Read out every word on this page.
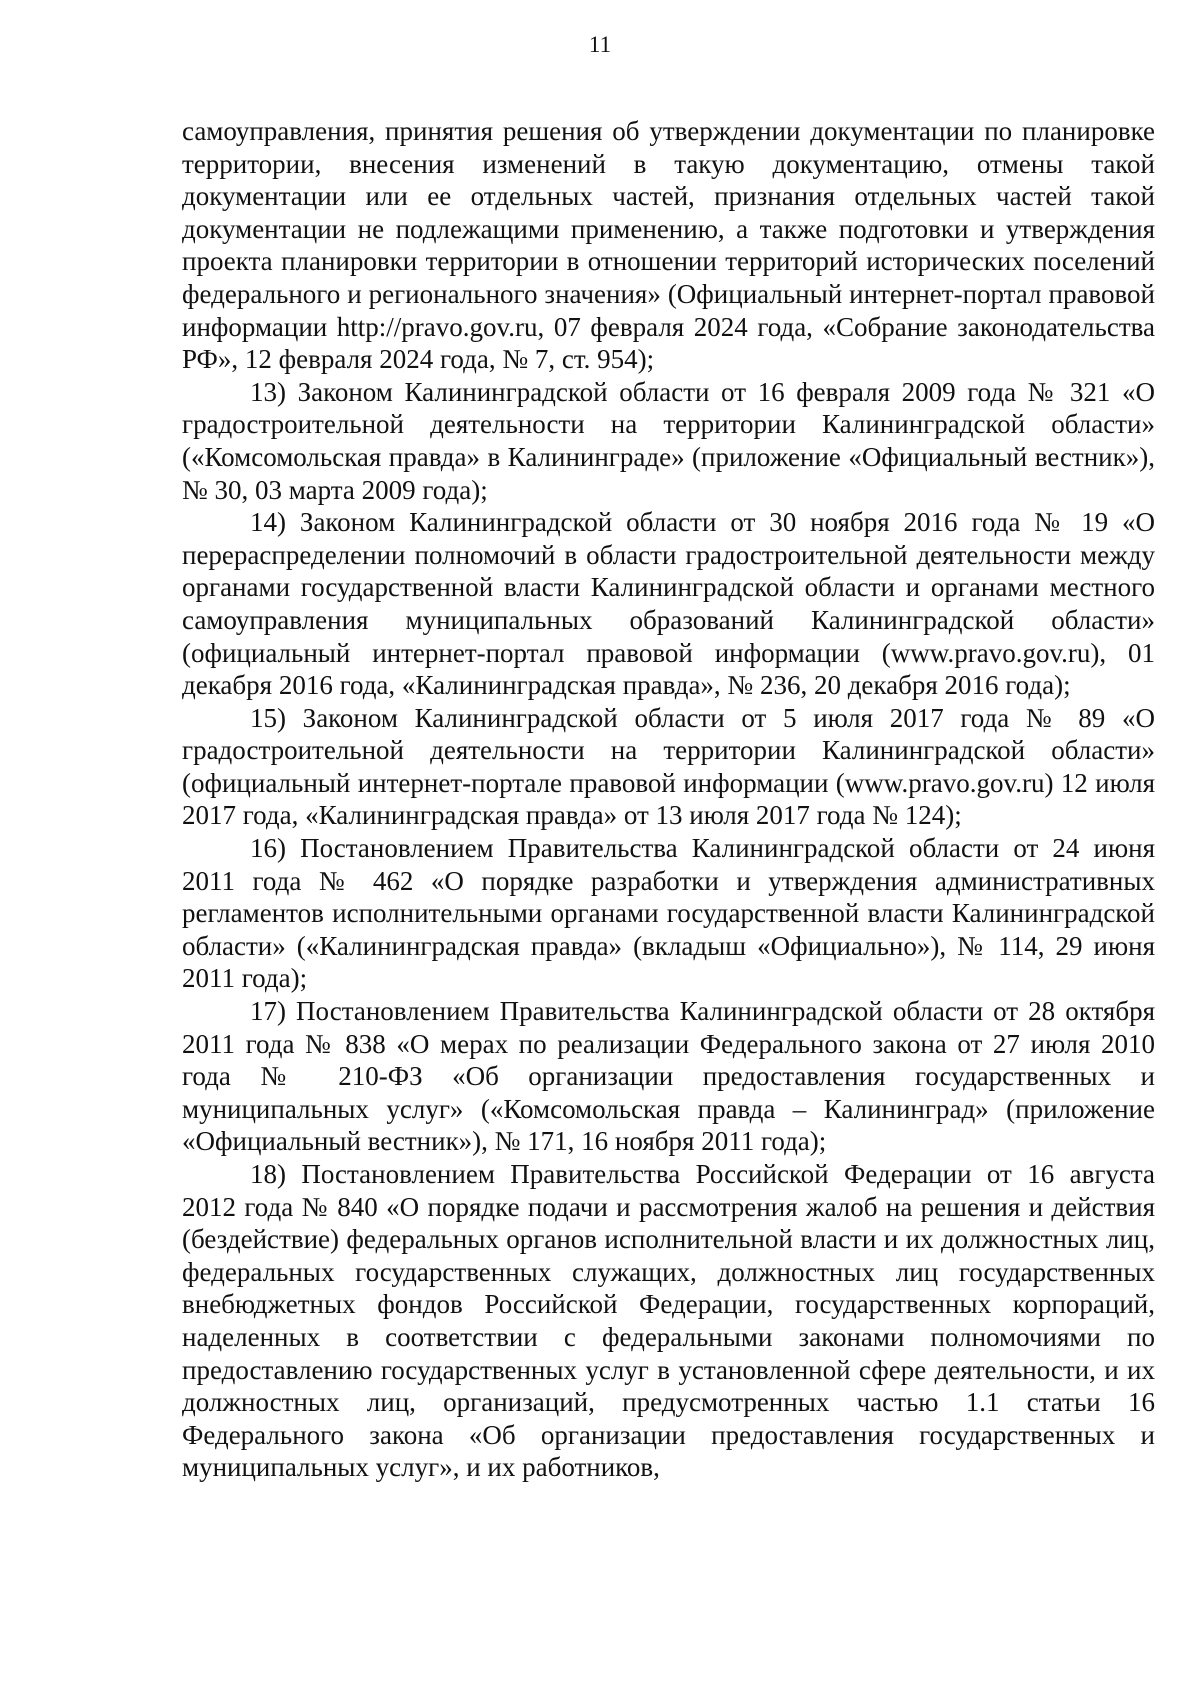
11

самоуправления, принятия решения об утверждении документации по планировке территории, внесения изменений в такую документацию, отмены такой документации или ее отдельных частей, признания отдельных частей такой документации не подлежащими применению, а также подготовки и утверждения проекта планировки территории в отношении территорий исторических поселений федерального и регионального значения» (Официальный интернет-портал правовой информации http://pravo.gov.ru, 07 февраля 2024 года, «Собрание законодательства РФ», 12 февраля 2024 года, № 7, ст. 954);

13) Законом Калининградской области от 16 февраля 2009 года № 321 «О градостроительной деятельности на территории Калининградской области» («Комсомольская правда» в Калининграде» (приложение «Официальный вестник»), № 30, 03 марта 2009 года);

14) Законом Калининградской области от 30 ноября 2016 года № 19 «О перераспределении полномочий в области градостроительной деятельности между органами государственной власти Калининградской области и органами местного самоуправления муниципальных образований Калининградской области» (официальный интернет-портал правовой информации (www.pravo.gov.ru), 01 декабря 2016 года, «Калининградская правда», № 236, 20 декабря 2016 года);

15) Законом Калининградской области от 5 июля 2017 года № 89 «О градостроительной деятельности на территории Калининградской области» (официальный интернет-портале правовой информации (www.pravo.gov.ru) 12 июля 2017 года, «Калининградская правда» от 13 июля 2017 года № 124);

16) Постановлением Правительства Калининградской области от 24 июня 2011 года № 462 «О порядке разработки и утверждения административных регламентов исполнительными органами государственной власти Калининградской области» («Калининградская правда» (вкладыш «Официально»), № 114, 29 июня 2011 года);

17) Постановлением Правительства Калининградской области от 28 октября 2011 года № 838 «О мерах по реализации Федерального закона от 27 июля 2010 года № 210-ФЗ «Об организации предоставления государственных и муниципальных услуг» («Комсомольская правда – Калининград» (приложение «Официальный вестник»), № 171, 16 ноября 2011 года);

18) Постановлением Правительства Российской Федерации от 16 августа 2012 года № 840 «О порядке подачи и рассмотрения жалоб на решения и действия (бездействие) федеральных органов исполнительной власти и их должностных лиц, федеральных государственных служащих, должностных лиц государственных внебюджетных фондов Российской Федерации, государственных корпораций, наделенных в соответствии с федеральными законами полномочиями по предоставлению государственных услуг в установленной сфере деятельности, и их должностных лиц, организаций, предусмотренных частью 1.1 статьи 16 Федерального закона «Об организации предоставления государственных и муниципальных услуг», и их работников,
